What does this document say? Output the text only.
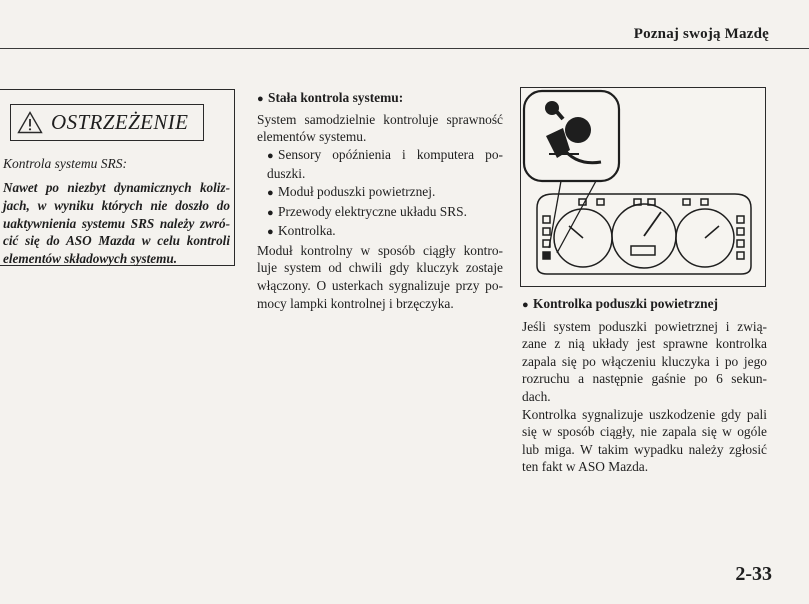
Poznaj swoją Mazdę
OSTRZEŻENIE
Kontrola systemu SRS:
Nawet po niezbyt dynamicznych koliz-
jach, w wyniku których nie doszło do
uaktywnienia systemu SRS należy zwró-
cić się do ASO Mazda w celu kontroli
elementów składowych systemu.
● Stała kontrola systemu:
System samodzielnie kontroluje sprawność
elementów systemu.
● Sensory opóźnienia i komputera po-
duszki.
● Moduł poduszki powietrznej.
● Przewody elektryczne układu SRS.
● Kontrolka.
Moduł kontrolny w sposób ciągły kontro-
luje system od chwili gdy kluczyk zostaje
włączony. O usterkach sygnalizuje przy po-
mocy lampki kontrolnej i brzęczyka.	● Kontrolka poduszki powietrznej
Jeśli system poduszki powietrznej i zwią-
zane z nią układy jest sprawne kontrolka
zapala się po włączeniu kluczyka i po jego
rozruchu a następnie gaśnie po 6 sekun-
dach.
Kontrolka sygnalizuje uszkodzenie gdy pali
się w sposób ciągły, nie zapala się w ogóle
lub miga. W takim wypadku należy zgłosić
ten fakt w ASO Mazda.
2-33
